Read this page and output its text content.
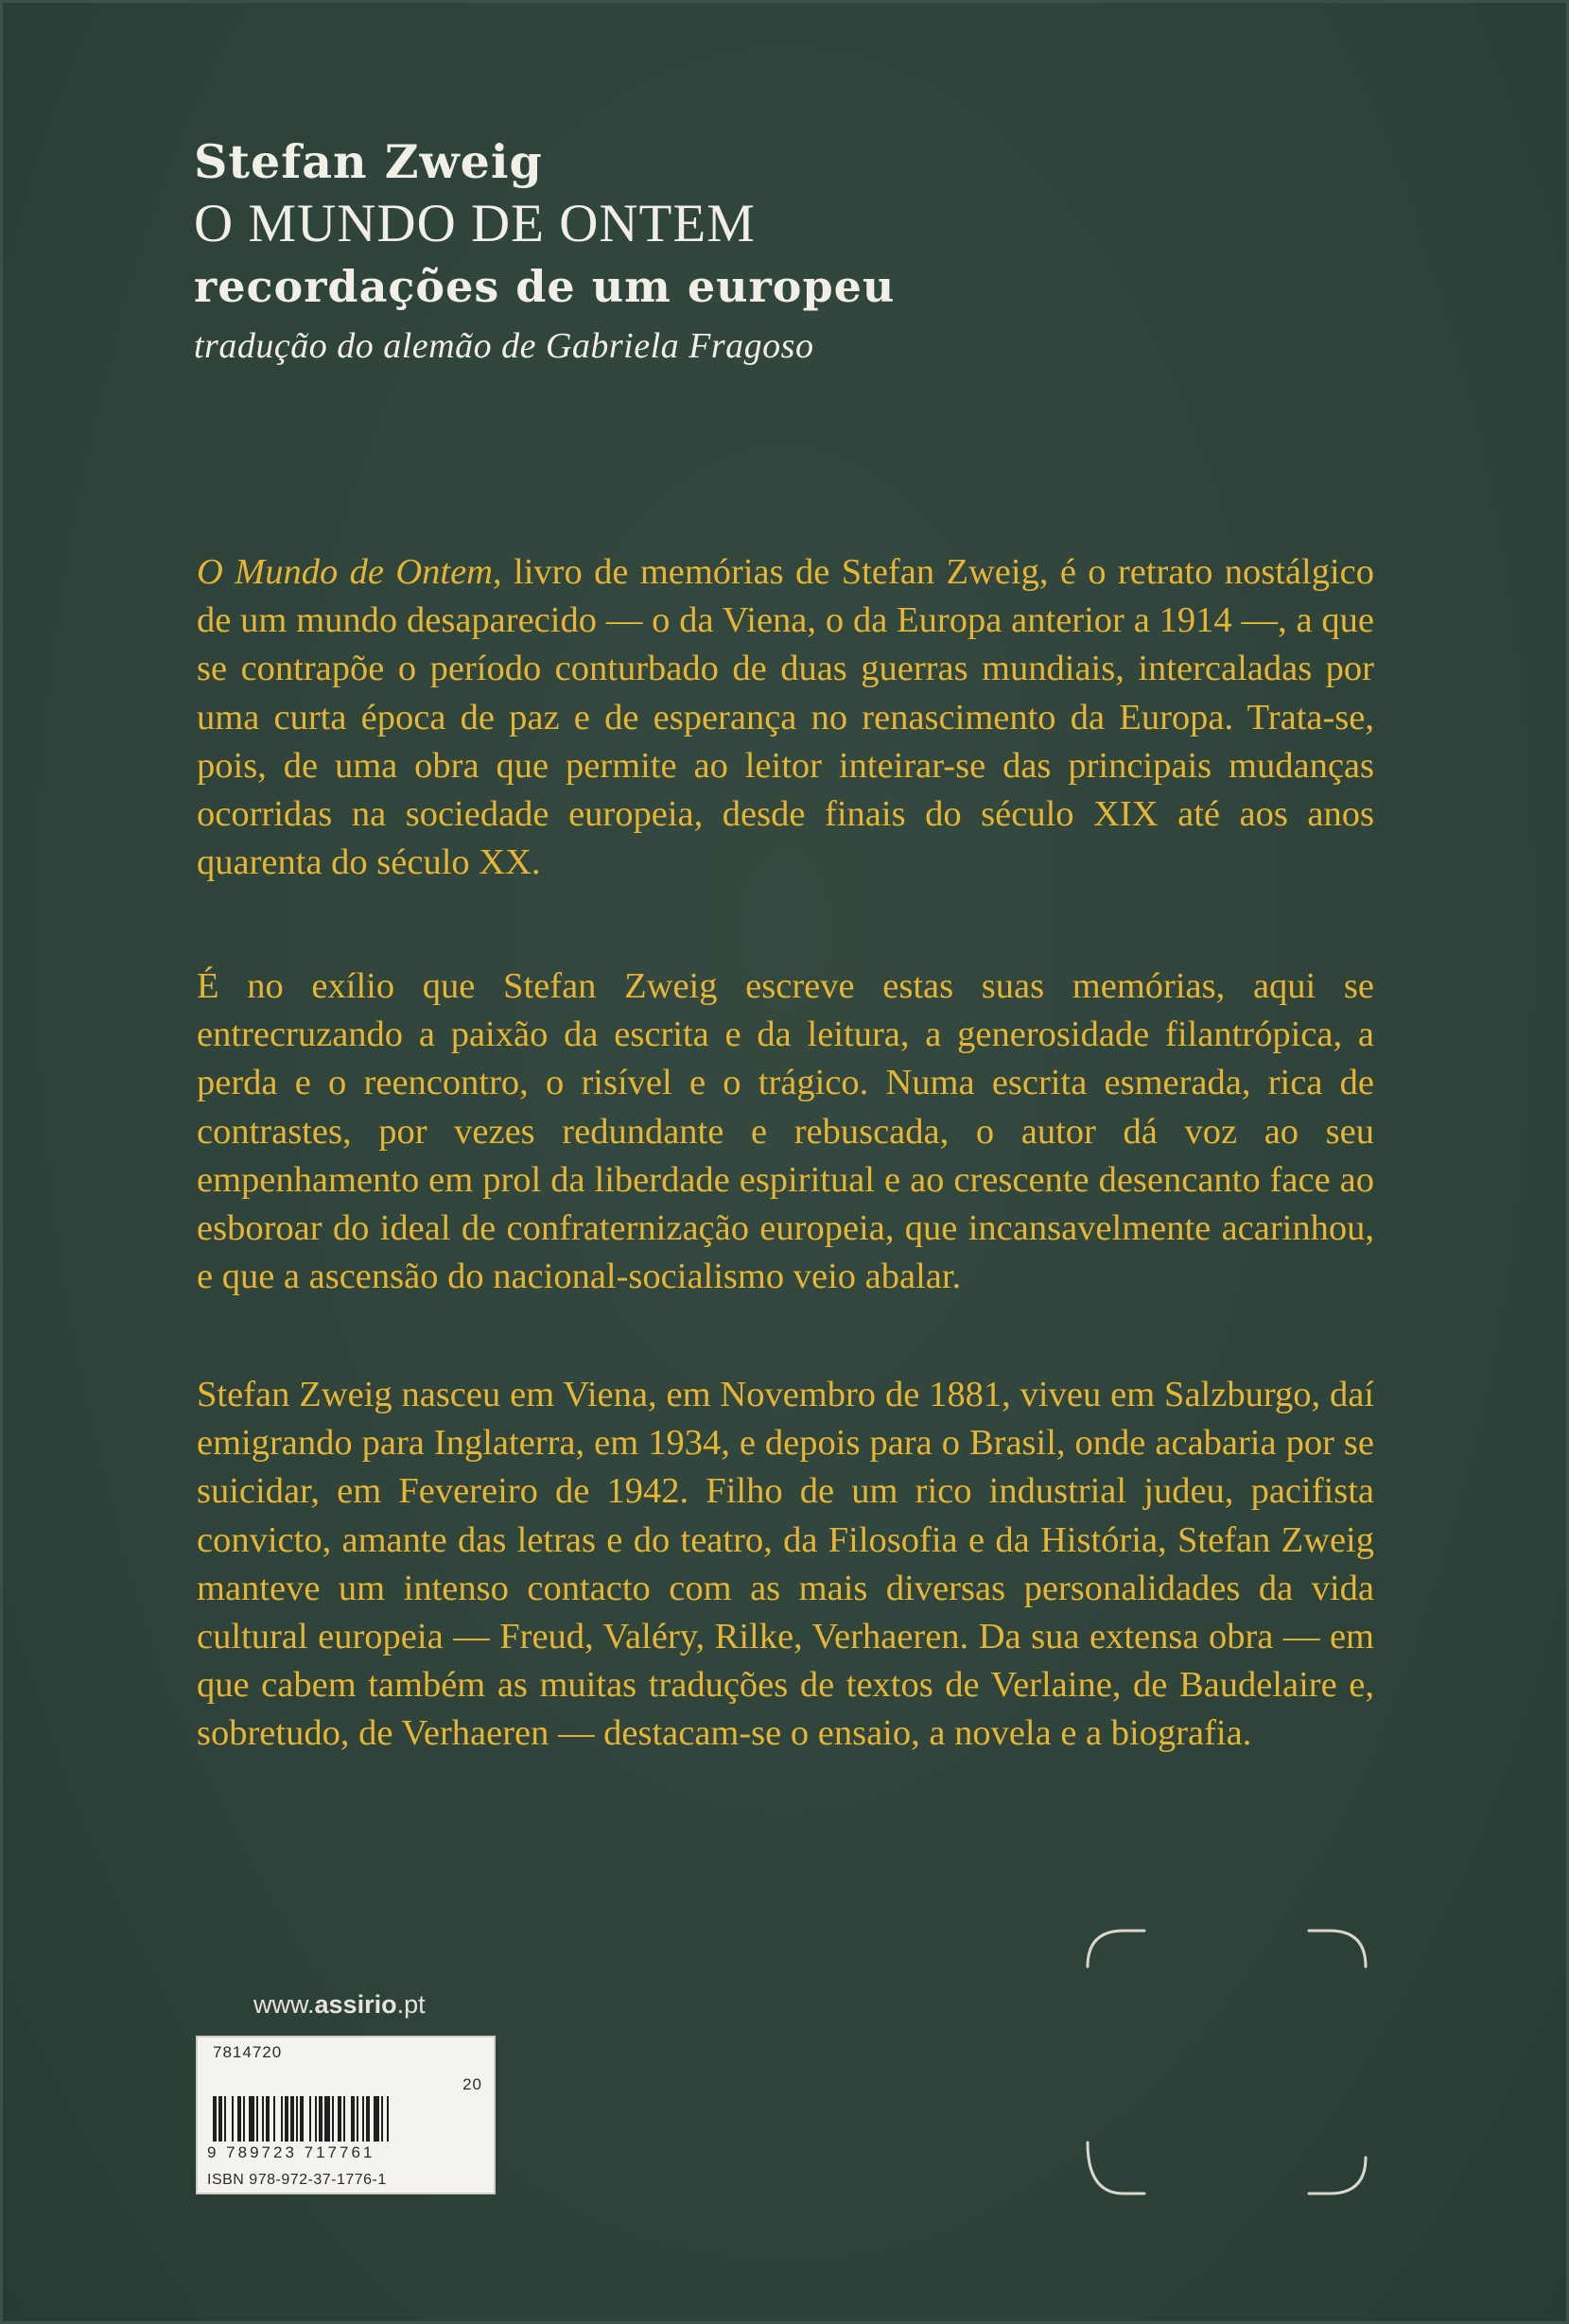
Stefan Zweig
O MUNDO DE ONTEM
recordações de um europeu
tradução do alemão de Gabriela Fragoso

O Mundo de Ontem, livro de memórias de Stefan Zweig, é o retrato nostálgico de um mundo desaparecido — o da Viena, o da Europa anterior a 1914 —, a que se contrapõe o período conturbado de duas guerras mundiais, intercaladas por uma curta época de paz e de esperança no renascimento da Europa. Trata-se, pois, de uma obra que permite ao leitor inteirar-se das principais mudanças ocorridas na sociedade europeia, desde finais do século XIX até aos anos quarenta do século XX.

É no exílio que Stefan Zweig escreve estas suas memórias, aqui se entrecruzando a paixão da escrita e da leitura, a generosidade filantrópica, a perda e o reencontro, o risível e o trágico. Numa escrita esmerada, rica de contrastes, por vezes redundante e rebuscada, o autor dá voz ao seu empenhamento em prol da liberdade espiritual e ao crescente desencanto face ao esboroar do ideal de confraternização europeia, que incansavelmente acarinhou, e que a ascensão do nacional-socialismo veio abalar.

Stefan Zweig nasceu em Viena, em Novembro de 1881, viveu em Salzburgo, daí emigrando para Inglaterra, em 1934, e depois para o Brasil, onde acabaria por se suicidar, em Fevereiro de 1942. Filho de um rico industrial judeu, pacifista convicto, amante das letras e do teatro, da Filosofia e da História, Stefan Zweig manteve um intenso contacto com as mais diversas personalidades da vida cultural europeia — Freud, Valéry, Rilke, Verhaeren. Da sua extensa obra — em que cabem também as muitas traduções de textos de Verlaine, de Baudelaire e, sobretudo, de Verhaeren — destacam-se o ensaio, a novela e a biografia.

www.assirio.pt
7814720
20
9 789723 717761
ISBN 978-972-37-1776-1
